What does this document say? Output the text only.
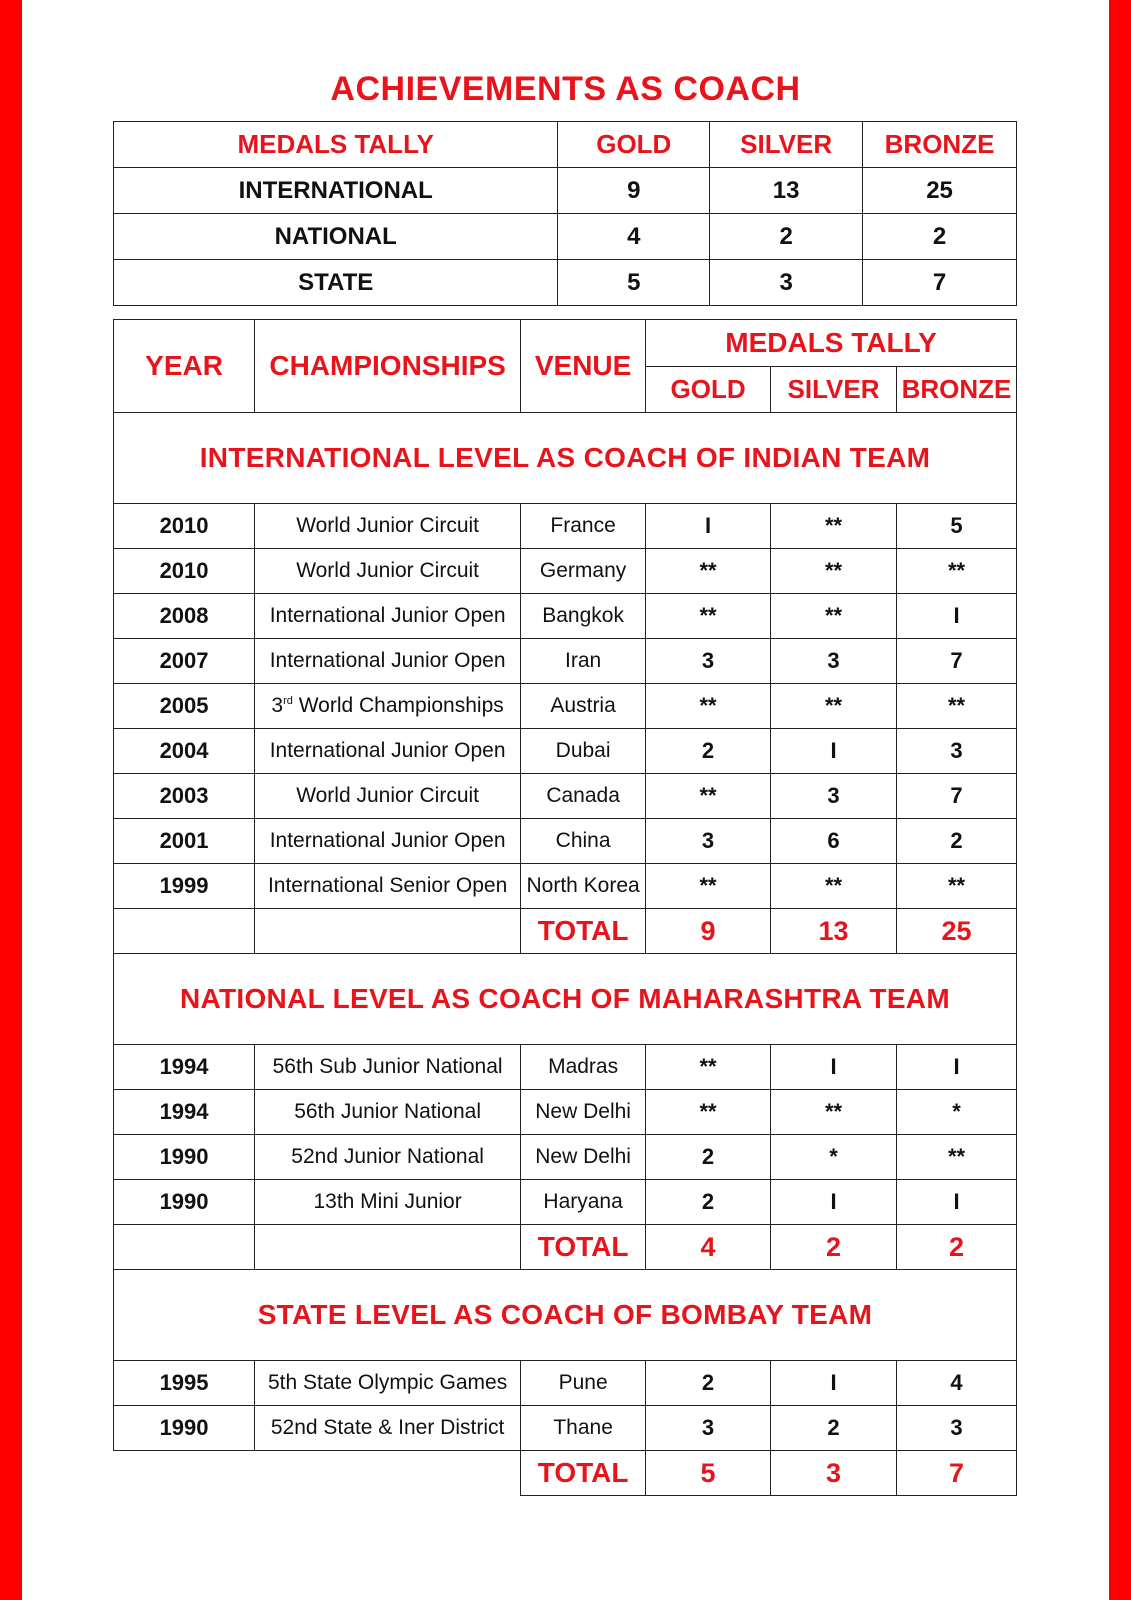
ACHIEVEMENTS AS COACH
MEDALS TALLY	GOLD	SILVER	BRONZE
INTERNATIONAL	9	13	25
NATIONAL	4	2	2
STATE	5	3	7
YEAR	CHAMPIONSHIPS	VENUE	MEDALS TALLY		
			GOLD	SILVER	BRONZE
INTERNATIONAL LEVEL AS COACH OF INDIAN TEAM					
2010	World Junior Circuit	France	I	**	5
2010	World Junior Circuit	Germany	**	**	**
2008	International Junior Open	Bangkok	**	**	I
2007	International Junior Open	Iran	3	3	7
2005	3rd World Championships	Austria	**	**	**
2004	International Junior Open	Dubai	2	I	3
2003	World Junior Circuit	Canada	**	3	7
2001	International Junior Open	China	3	6	2
1999	International Senior Open	North Korea	**	**	**
		TOTAL	9	13	25
NATIONAL LEVEL AS COACH OF MAHARASHTRA TEAM					
1994	56th Sub Junior National	Madras	**	I	I
1994	56th Junior National	New Delhi	**	**	*
1990	52nd Junior National	New Delhi	2	*	**
1990	13th Mini Junior	Haryana	2	I	I
		TOTAL	4	2	2
STATE LEVEL AS COACH OF BOMBAY TEAM					
1995	5th State Olympic Games	Pune	2	I	4
1990	52nd State & Iner District	Thane	3	2	3
		TOTAL	5	3	7
